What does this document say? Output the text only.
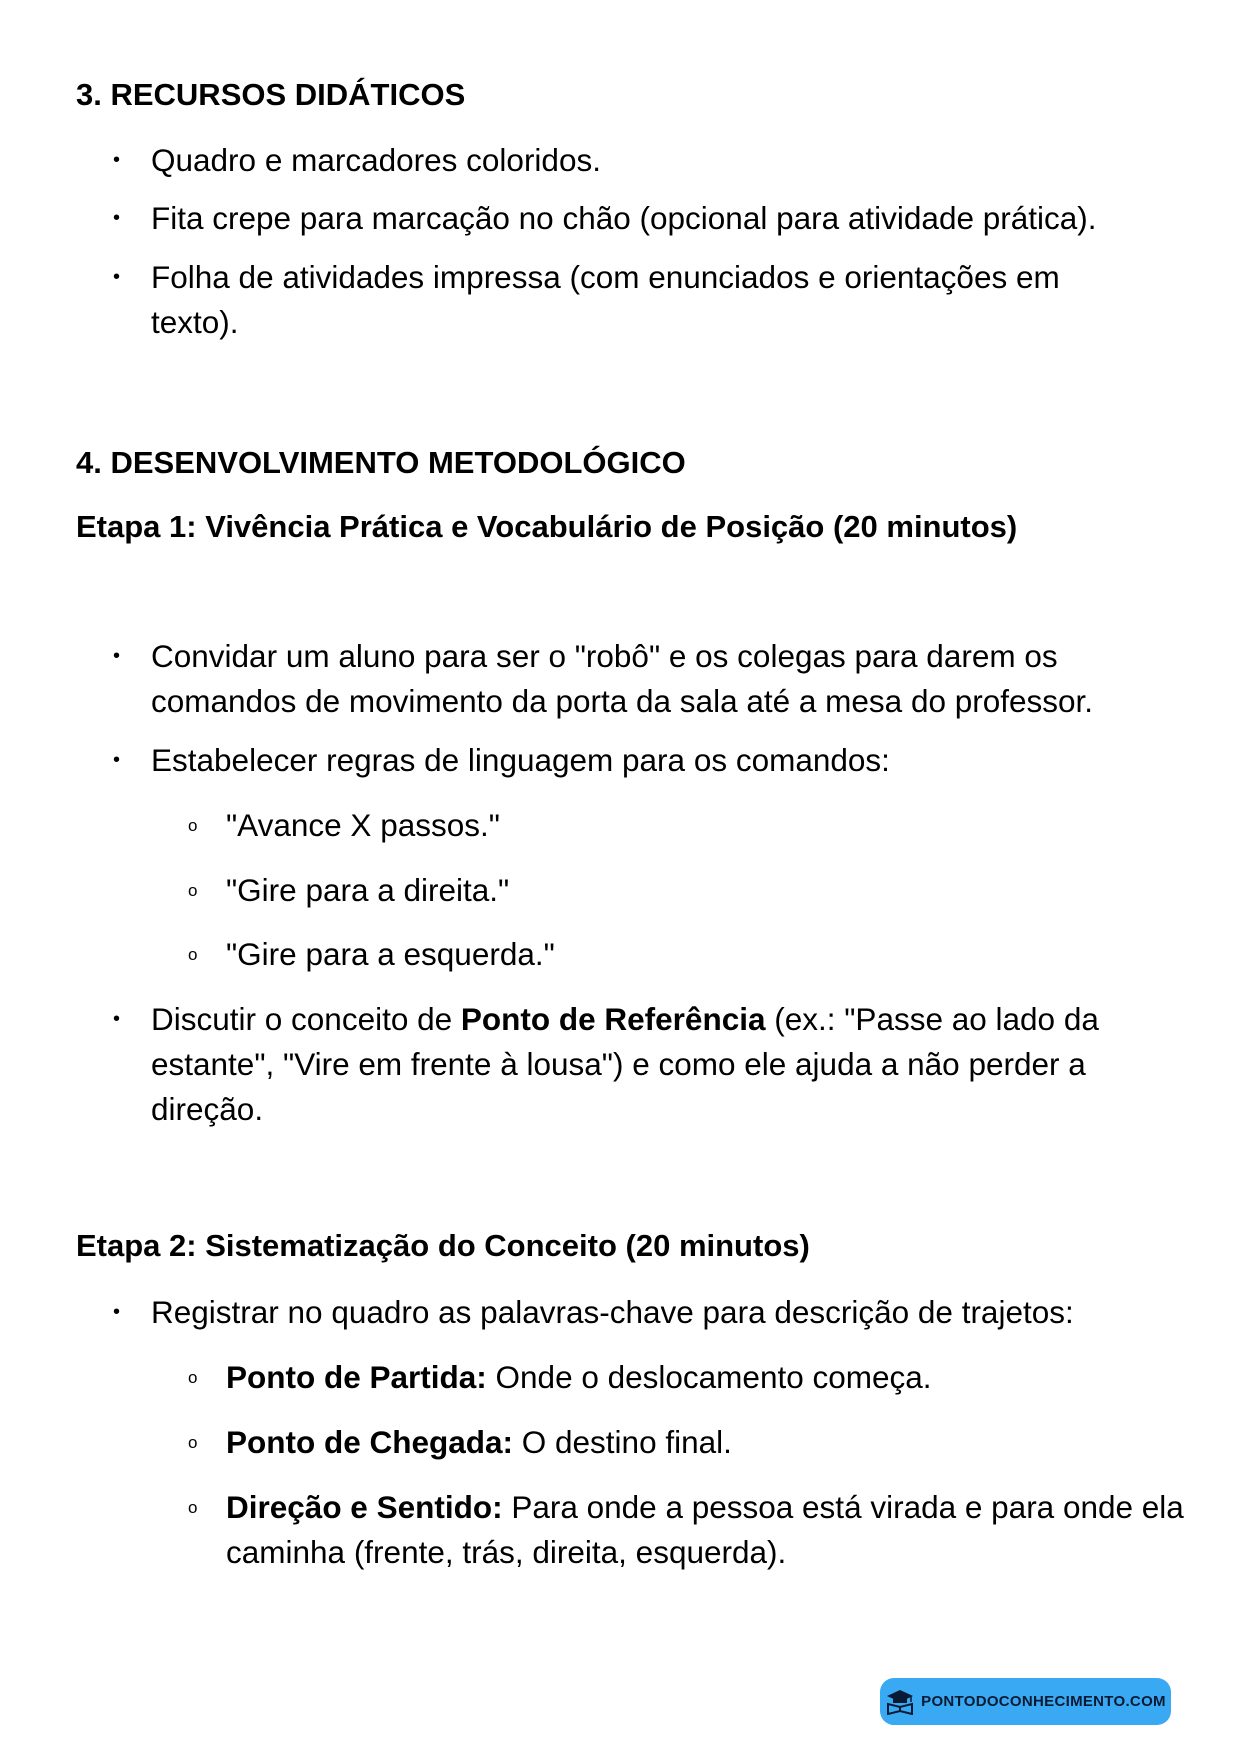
3. RECURSOS DIDÁTICOS
• Quadro e marcadores coloridos.
• Fita crepe para marcação no chão (opcional para atividade prática).
• Folha de atividades impressa (com enunciados e orientações em texto).
4. DESENVOLVIMENTO METODOLÓGICO
Etapa 1: Vivência Prática e Vocabulário de Posição (20 minutos)
• Convidar um aluno para ser o "robô" e os colegas para darem os comandos de movimento da porta da sala até a mesa do professor.
• Estabelecer regras de linguagem para os comandos:
o "Avance X passos."
o "Gire para a direita."
o "Gire para a esquerda."
• Discutir o conceito de Ponto de Referência (ex.: "Passe ao lado da estante", "Vire em frente à lousa") e como ele ajuda a não perder a direção.
Etapa 2: Sistematização do Conceito (20 minutos)
• Registrar no quadro as palavras-chave para descrição de trajetos:
o Ponto de Partida: Onde o deslocamento começa.
o Ponto de Chegada: O destino final.
o Direção e Sentido: Para onde a pessoa está virada e para onde ela caminha (frente, trás, direita, esquerda).
PONTODOCONHECIMENTO.COM
